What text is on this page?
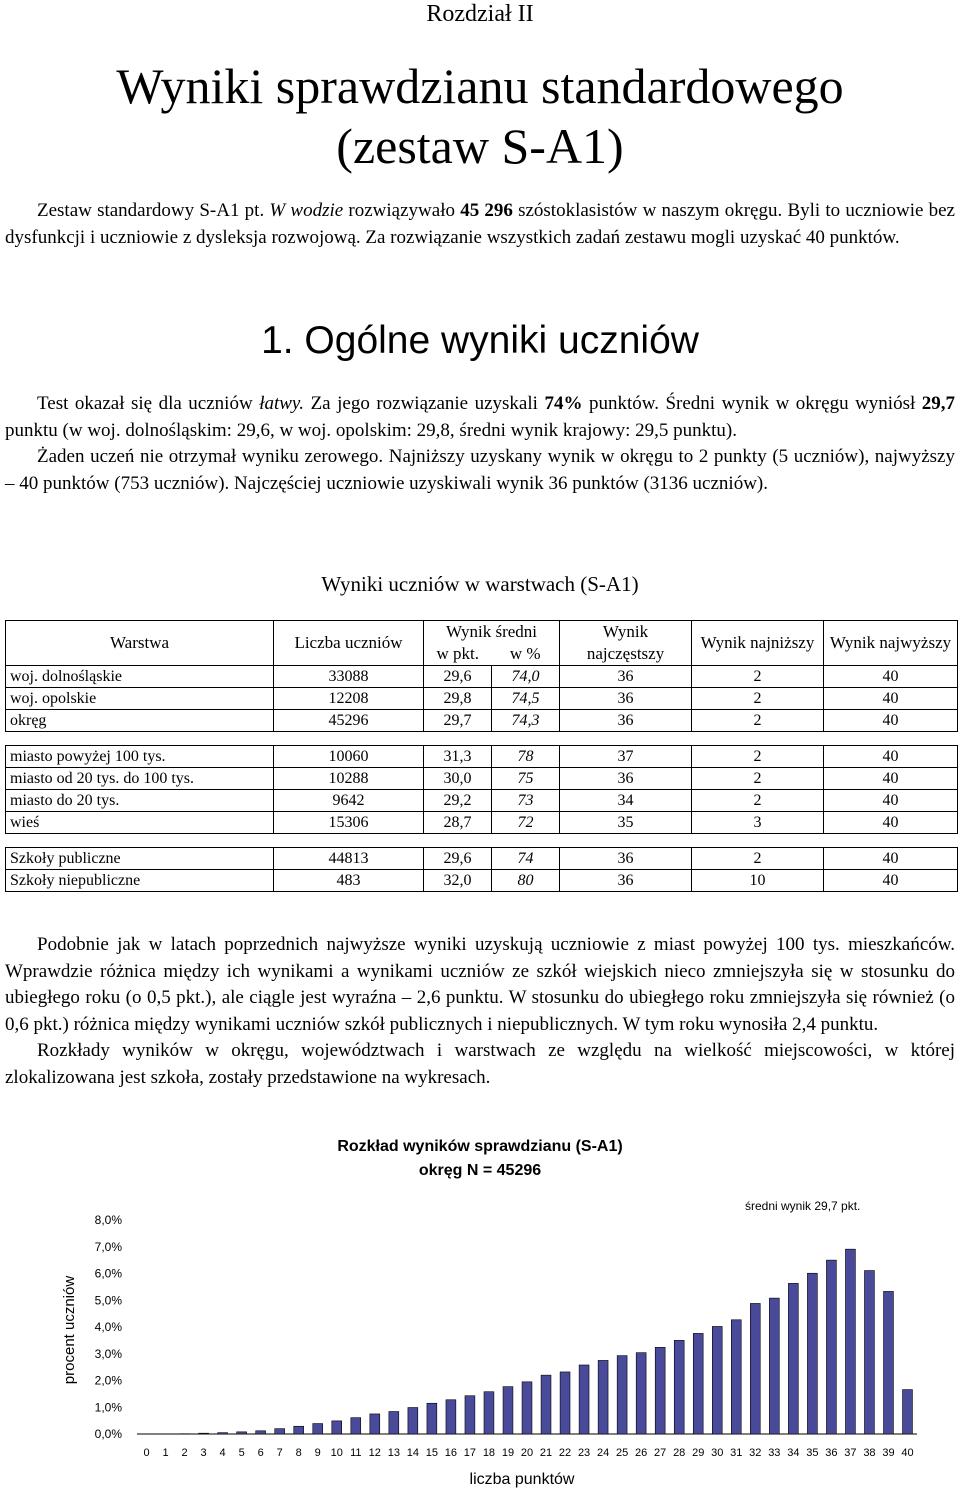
Rozdział II
Wyniki sprawdzianu standardowego
(zestaw S-A1)

Zestaw standardowy S-A1 pt. W wodzie rozwiązywało 45 296 szóstoklasistów w naszym okręgu. Byli to uczniowie bez dysfunkcji i uczniowie z dysleksja rozwojową. Za rozwiązanie wszystkich zadań zestawu mogli uzyskać 40 punktów.

1. Ogólne wyniki uczniów

Test okazał się dla uczniów łatwy. Za jego rozwiązanie uzyskali 74% punktów. Średni wynik w okręgu wyniósł 29,7 punktu (w woj. dolnośląskim: 29,6, w woj. opolskim: 29,8, średni wynik krajowy: 29,5 punktu).

Żaden uczeń nie otrzymał wyniku zerowego. Najniższy uzyskany wynik w okręgu to 2 punkty (5 uczniów), najwyższy – 40 punktów (753 uczniów). Najczęściej uczniowie uzyskiwali wynik 36 punktów (3136 uczniów).

Wyniki uczniów w warstwach (S-A1)
Warstwa	Liczba uczniów	Wynik średni		Wynik najczęstszy	Wynik najniższy	Wynik najwyższy
		w pkt.	w %			
woj. dolnośląskie	33088	29,6	74,0	36	2	40
woj. opolskie	12208	29,8	74,5	36	2	40
okręg	45296	29,7	74,3	36	2	40

miasto powyżej 100 tys.	10060	31,3	78	37	2	40
miasto od 20 tys. do 100 tys.	10288	30,0	75	36	2	40
miasto do 20 tys.	9642	29,2	73	34	2	40
wieś	15306	28,7	72	35	3	40

Szkoły publiczne	44813	29,6	74	36	2	40
Szkoły niepubliczne	483	32,0	80	36	10	40

Podobnie jak w latach poprzednich najwyższe wyniki uzyskują uczniowie z miast powyżej 100 tys. mieszkańców. Wprawdzie różnica między ich wynikami a wynikami uczniów ze szkół wiejskich nieco zmniejszyła się w stosunku do ubiegłego roku (o 0,5 pkt.), ale ciągle jest wyraźna – 2,6 punktu. W stosunku do ubiegłego roku zmniejszyła się również (o 0,6 pkt.) różnica między wynikami uczniów szkół publicznych i niepublicznych. W tym roku wynosiła 2,4 punktu.

Rozkłady wyników w okręgu, województwach i warstwach ze względu na wielkość miejscowości, w której zlokalizowana jest szkoła, zostały przedstawione na wykresach.

Rozkład wyników sprawdzianu (S-A1)
okręg N = 45296
0,0%
1,0%
2,0%
3,0%
4,0%
5,0%
6,0%
7,0%
8,0%
0 1 2 3 4 5 6 7 8 9 10 11 12 13 14 15 16 17 18 19 20 21 22 23 24 25 26 27 28 29 30 31 32 33 34 35 36 37 38 39 40
procent uczniów
liczba punktów
średni wynik 29,7 pkt.
